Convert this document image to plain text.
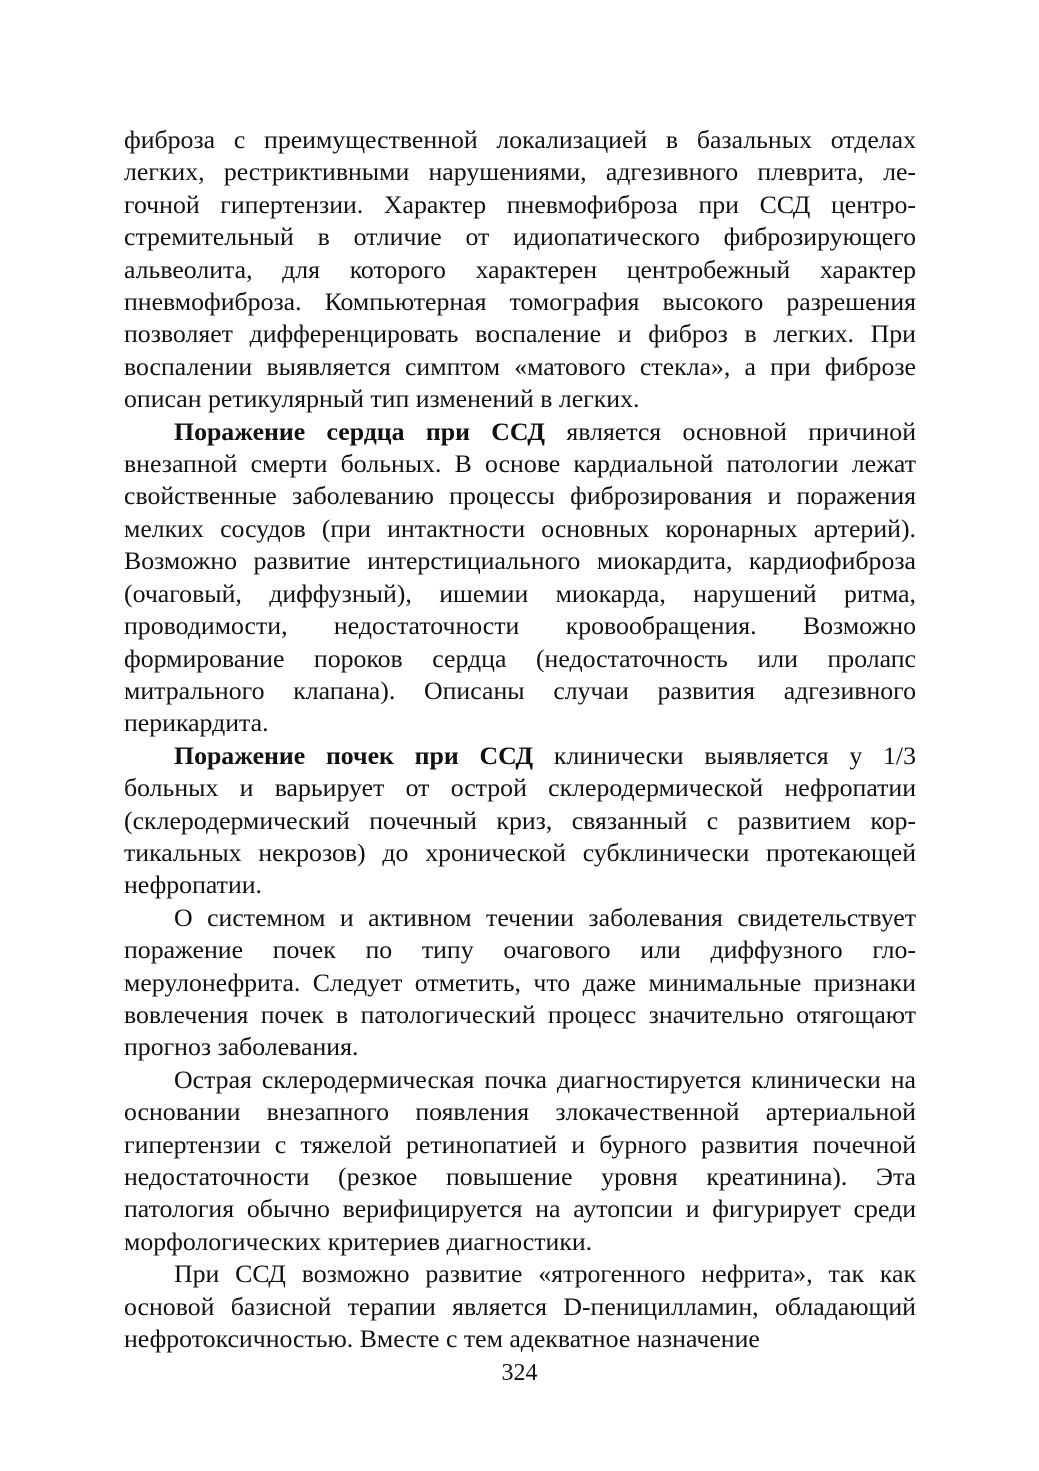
фиброза с преимущественной локализацией в базальных отделах легких, рестриктивными нарушениями, адгезивного плеврита, легочной гипертензии. Характер пневмофиброза при ССД центростремительный в отличие от идиопатического фиброзирующего альвеолита, для которого характерен центробежный характер пневмофиброза. Компьютерная томография высокого разрешения позволяет дифференцировать воспаление и фиброз в легких. При воспалении выявляется симптом «матового стекла», а при фиброзе описан ретикулярный тип изменений в легких.

Поражение сердца при ССД является основной причиной внезапной смерти больных. В основе кардиальной патологии лежат свойственные заболеванию процессы фиброзирования и поражения мелких сосудов (при интактности основных коронарных артерий). Возможно развитие интерстициального миокардита, кардиофиброза (очаговый, диффузный), ишемии миокарда, нарушений ритма, проводимости, недостаточности кровообращения. Возможно формирование пороков сердца (недостаточность или пролапс митрального клапана). Описаны случаи развития адгезивного перикардита.

Поражение почек при ССД клинически выявляется у 1/3 больных и варьирует от острой склеродермической нефропатии (склеродермический почечный криз, связанный с развитием кортикальных некрозов) до хронической субклинически протекающей нефропатии.

О системном и активном течении заболевания свидетельствует поражение почек по типу очагового или диффузного гломерулонефрита. Следует отметить, что даже минимальные признаки вовлечения почек в патологический процесс значительно отягощают прогноз заболевания.

Острая склеродермическая почка диагностируется клинически на основании внезапного появления злокачественной артериальной гипертензии с тяжелой ретинопатией и бурного развития почечной недостаточности (резкое повышение уровня креатинина). Эта патология обычно верифицируется на аутопсии и фигурирует среди морфологических критериев диагностики.

При ССД возможно развитие «ятрогенного нефрита», так как основой базисной терапии является D-пеницилламин, обладающий нефротоксичностью. Вместе с тем адекватное назначение

324
